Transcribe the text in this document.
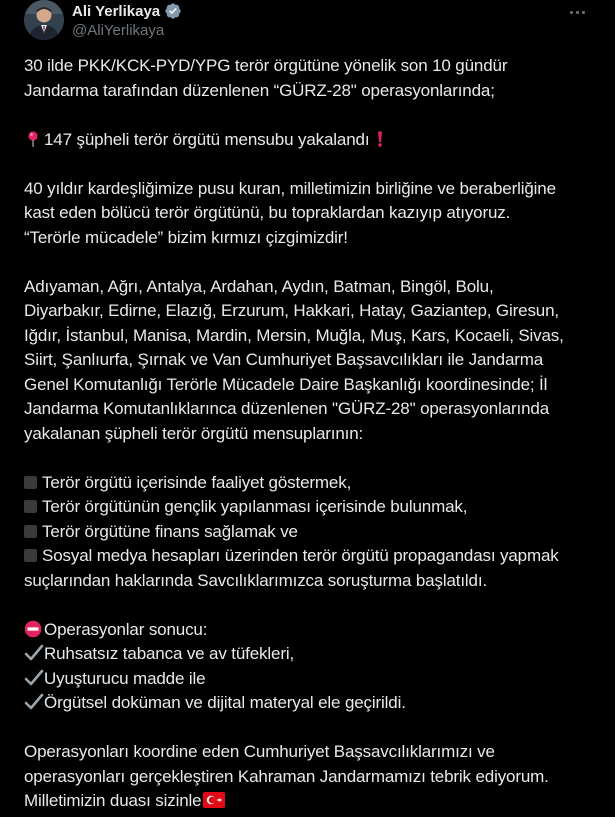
Ali Yerlikaya
@AliYerlikaya
30 ilde PKK/KCK-PYD/YPG terör örgütüne yönelik son 10 gündür
Jandarma tarafından düzenlenen “GÜRZ-28" operasyonlarında;
147 şüpheli terör örgütü mensubu yakalandı
40 yıldır kardeşliğimize pusu kuran, milletimizin birliğine ve beraberliğine
kast eden bölücü terör örgütünü, bu topraklardan kazıyıp atıyoruz.
“Terörle mücadele” bizim kırmızı çizgimizdir!
Adıyaman, Ağrı, Antalya, Ardahan, Aydın, Batman, Bingöl, Bolu,
Diyarbakır, Edirne, Elazığ, Erzurum, Hakkari, Hatay, Gaziantep, Giresun,
Iğdır, İstanbul, Manisa, Mardin, Mersin, Muğla, Muş, Kars, Kocaeli, Sivas,
Siirt, Şanlıurfa, Şırnak ve Van Cumhuriyet Başsavcılıkları ile Jandarma
Genel Komutanlığı Terörle Mücadele Daire Başkanlığı koordinesinde; İl
Jandarma Komutanlıklarınca düzenlenen "GÜRZ-28" operasyonlarında
yakalanan şüpheli terör örgütü mensuplarının:
Terör örgütü içerisinde faaliyet göstermek,
Terör örgütünün gençlik yapılanması içerisinde bulunmak,
Terör örgütüne finans sağlamak ve
Sosyal medya hesapları üzerinden terör örgütü propagandası yapmak
suçlarından haklarında Savcılıklarımızca soruşturma başlatıldı.
Operasyonlar sonucu:
Ruhsatsız tabanca ve av tüfekleri,
Uyuşturucu madde ile
Örgütsel doküman ve dijital materyal ele geçirildi.
Operasyonları koordine eden Cumhuriyet Başsavcılıklarımızı ve
operasyonları gerçekleştiren Kahraman Jandarmamızı tebrik ediyorum.
Milletimizin duası sizinle
